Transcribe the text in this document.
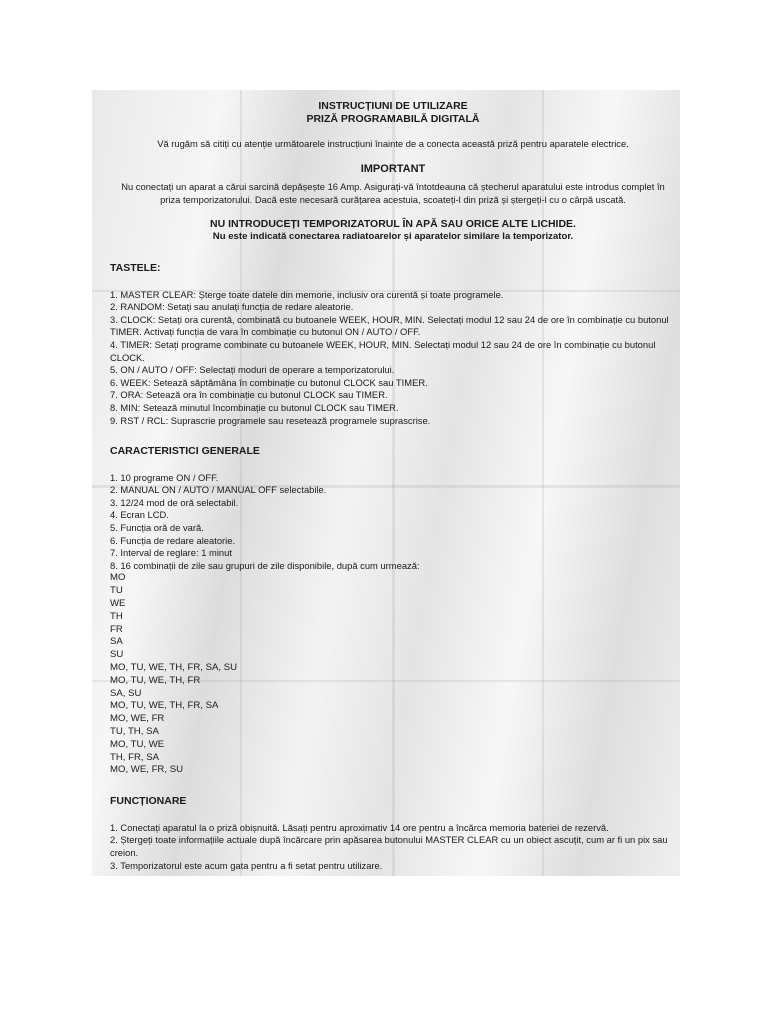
INSTRUCȚIUNI DE UTILIZARE

PRIZĂ PROGRAMABILĂ DIGITALĂ

Vă rugăm să citiți cu atenție următoarele instrucțiuni înainte de a conecta această priză pentru aparatele electrice.

IMPORTANT

Nu conectați un aparat a cărui sarcină depășește 16 Amp. Asigurați-vă întotdeauna că ștecherul aparatului este introdus complet în priza temporizatorului. Dacă este necesară curățarea acestuia, scoateți-l din priză și ștergeți-l cu o cârpă uscată.

NU INTRODUCEȚI TEMPORIZATORUL ÎN APĂ SAU ORICE ALTE LICHIDE.

Nu este indicată conectarea radiatoarelor și aparatelor similare la temporizator.

TASTELE:

1. MASTER CLEAR: Șterge toate datele din memorie, inclusiv ora curentă și toate programele.

2. RANDOM: Setați sau anulați funcția de redare aleatorie.

3. CLOCK: Setați ora curentă, combinată cu butoanele WEEK, HOUR, MIN. Selectați modul 12 sau 24 de ore în combinație cu butonul TIMER. Activați funcția de vara în combinație cu butonul ON / AUTO / OFF.

4. TIMER: Setați programe combinate cu butoanele WEEK, HOUR, MIN. Selectați modul 12 sau 24 de ore în combinație cu butonul CLOCK.

5. ON / AUTO / OFF: Selectați moduri de operare a temporizatorului.

6. WEEK: Setează săptămâna în combinație cu butonul CLOCK sau TIMER.

7. ORA: Setează ora în combinație cu butonul CLOCK sau TIMER.

8. MIN: Setează minutul încombinație cu butonul CLOCK sau TIMER.

9. RST / RCL: Suprascrie programele sau resetează programele suprascrise.

CARACTERISTICI GENERALE

1. 10 programe ON / OFF.

2. MANUAL ON / AUTO / MANUAL OFF selectabile.

3. 12/24 mod de oră selectabil.

4. Ecran LCD.

5. Funcția oră de vară.

6. Funcția de redare aleatorie.

7. Interval de reglare: 1 minut

8. 16 combinații de zile sau grupuri de zile disponibile, după cum urmează:

MO

TU

WE

TH

FR

SA

SU

MO, TU, WE, TH, FR, SA, SU

MO, TU, WE, TH, FR

SA, SU

MO, TU, WE, TH, FR, SA

MO, WE, FR

TU, TH, SA

MO, TU, WE

TH, FR, SA

MO, WE, FR, SU

FUNCȚIONARE

1. Conectați aparatul la o priză obișnuită. Lăsați pentru aproximativ 14 ore pentru a încărca memoria bateriei de rezervă.

2. Ștergeți toate informațiile actuale după încărcare prin apăsarea butonului MASTER CLEAR cu un obiect ascuțit, cum ar fi un pix sau creion.

3. Temporizatorul este acum gata pentru a fi setat pentru utilizare.
